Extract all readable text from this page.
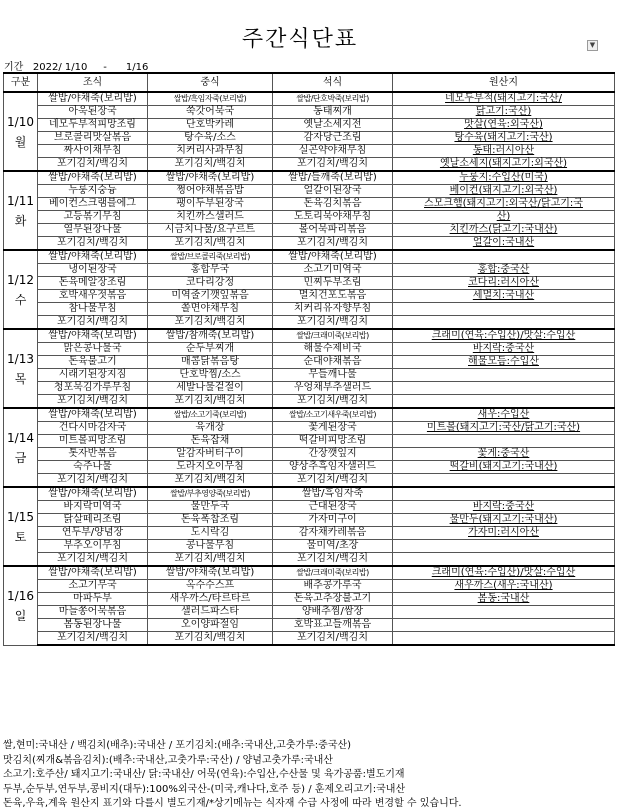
주간식단표	▼
기간 2022/ 1/10 - 1/16
구분	조식	중식	석식	원산지

1/10
월	쌀밥/야채죽(보리밥)	쌀밥/흑임자죽(보리밥)	쌀밥/단호박죽(보리밥)	네모두부적(돼지고기:국산/
	아욱된장국	쑥갓어묵국	동태찌개	닭고기:국산)
	네모두부적피망조림	단호박카레	옛날소세지전	맛살(연육:외국산)
	브로콜리맛살볶음	탕수육/소스	감자당근조림	탕수육(돼지고기:국산)
	짜사이채무침	치커리사과무침	실곤약야채무침	동태:러시아산
	포기김치/백김치	포기김치/백김치	포기김치/백김치	옛날소세지(돼지고기:외국산)

1/11
화	쌀밥/야채죽(보리밥)	쌀밥/야채죽(보리밥)	쌀밥/들깨죽(보리밥)	누룽지:수입산(미국)
	누룽지숭늉	쩡어야채볶음밥	얼갈이된장국	베이컨(돼지고기:외국산)
	베이컨스크램블에그	팽이두부된장국	돈육김치볶음	스모크햄(돼지고기:외국산/닭고기:국
	고등볶기무침	치킨까스샐러드	도토리묵야채무침	산)
	열무된장나물	시금치나물/요구르트	볼어묵파리볶음	치킨까스(닭고기:국내산)
	포기김치/백김치	포기김치/백김치	포기김치/백김치	얼갈이:국내산

1/12
수	쌀밥/야채죽(보리밥)	쌀밥/브로콜리죽(보리밥)	쌀밥/야채죽(보리밥)	
	냉이된장국	홍합무국	소고기미역국	홍합:중국산
	돈육메알장조림	코다리강정	민찌두부조림	코다리:러시아산
	호박새우젓볶음	미역줄기깻잎볶음	멸치건포도볶음	세멸치:국내산
	참나물무침	쫄면야채무침	치커리유자향무침	
	포기김치/백김치	포기김치/백김치	포기김치/백김치	

1/13
목	쌀밥/야채죽(보리밥)	쌀밥/참깨죽(보리밥)	쌀밥/크래미죽(보리밥)	크래미(연육:수입산)/맛살:수입산
	맑은콩나물국	순두부찌개	해물수제비국	바지락:중국산
	돈육불고기	매콤닭볶음탕	순대야채볶음	해물모듬:수입산
	시래기된장지짐	단호박찜/소스	무들깨나물	
	청포묵김가루무침	세발나물겉절이	우엉채부추샐러드	
	포기김치/백김치	포기김치/백김치	포기김치/백김치	

1/14
금	쌀밥/야채죽(보리밥)	쌀밥/소고기죽(보리밥)	쌀밥/소고기새우죽(보리밥)	새우:수입산
	건다시마감자국	육개장	꽃게된장국	미트볼(돼지고기:국산/닭고기:국산)
	미트볼피망조림	돈육잡채	떡갈비피망조림	
	톳자반볶음	알감자버터구이	간장깻잎지	꽃게:중국산
	숙주나물	도라지오이무침	양상추흑임자샐러드	떡갈비(돼지고기:국내산)
	포기김치/백김치	포기김치/백김치	포기김치/백김치	

1/15
토	쌀밥/야채죽(보리밥)	쌀밥/부추영양죽(보리밥)	쌀밥/흑임자죽	
	바지락미역국	물만두국	근대된장국	바지락:중국산
	닭살떼리조림	돈육폭찹조림	가자미구이	물만두(돼지고기:국내산)
	연두부/양념장	도시락김	감자채카레볶음	가자미:러시아산
	부추오이무침	콩나물무침	물미역/초장	
	포기김치/백김치	포기김치/백김치	포기김치/백김치	

1/16
일	쌀밥/야채죽(보리밥)	쌀밥/야채죽(보리밥)	쌀밥/크래미죽(보리밥)	크래미(연육:수입산)/맛살:수입산
	소고기무국	옥수수스프	배추콩가루국	새우까스(새우:국내산)
	마파두부	새우까스/타르타르	돈육고추장불고기	봄동:국내산
	마늘쫑어묵볶음	샐러드파스타	양배추찜/쌈장	
	봄동된장나물	오이양파절임	호박표고들깨볶음	
	포기김치/백김치	포기김치/백김치	포기김치/백김치	
쌀,현미:국내산 / 백김치(배추):국내산 / 포기김치:(배추:국내산,고춧가루:중국산)
맛김치(찌개&볶음김치):(배추:국내산,고춧가루:국산) / 양념고춧가루:국내산
소고기:호주산/ 돼지고기:국내산/ 닭:국내산/ 어묵(연육):수입산,수산물 및 육가공품:별도기재
두부,순두부,연두부,콩비지(대두):100%외국산-(미국,캐나다,호주 등) / 훈제오리고기:국내산
돈육,우육,계육 원산지 표기와 다를시 별도기재/*상기메뉴는 식자재 수급 사정에 따라 변경할 수 있습니다.
